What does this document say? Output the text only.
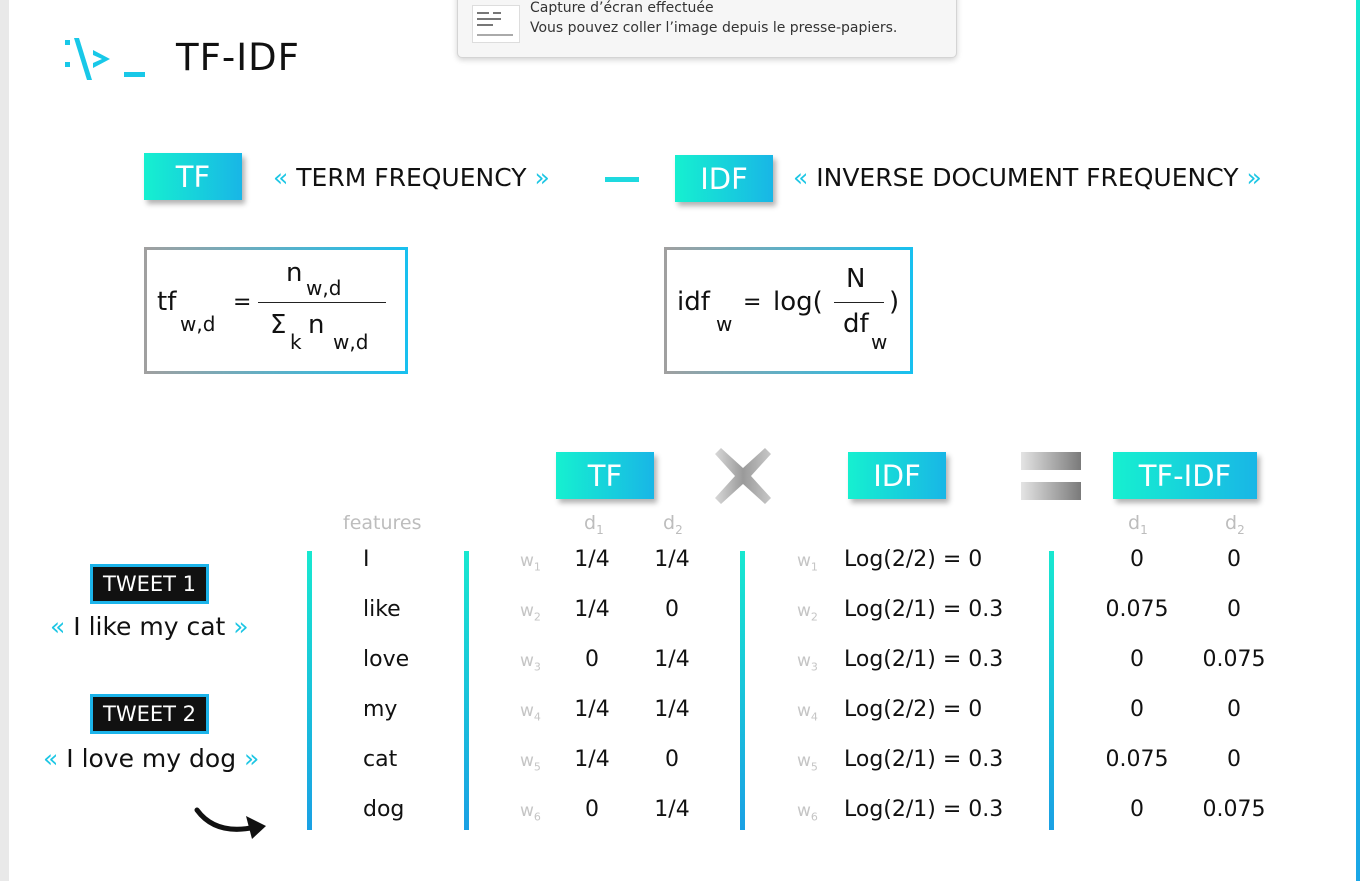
Capture d’écran effectuée
Vous pouvez coller l’image depuis le presse-papiers.
TF-IDF
TF	« TERM FREQUENCY »	IDF	« INVERSE DOCUMENT FREQUENCY »
tf
w,d
=
n w,d
Σ
k
n
w,d
idf
w
= log(
N
df
w
)
TF	IDF	TF-IDF
features	$d_1$	$d_2$	$d_1$	$d_2$
TWEET 1
« I like my cat »
TWEET 2
« I love my dog »
I	$w_1$	1/4	1/4	$w_1$ Log(2/2) = 0	0	0
like	$w_2$	1/4	0	$w_2$ Log(2/1) = 0.3	0.075	0
love	$w_3$	0	1/4	$w_3$ Log(2/1) = 0.3	0	0.075
my	$w_4$	1/4	1/4	$w_4$ Log(2/2) = 0	0	0
cat	$w_5$	1/4	0	$w_5$ Log(2/1) = 0.3	0.075	0
dog	$w_6$	0	1/4	$w_6$ Log(2/1) = 0.3	0	0.075
